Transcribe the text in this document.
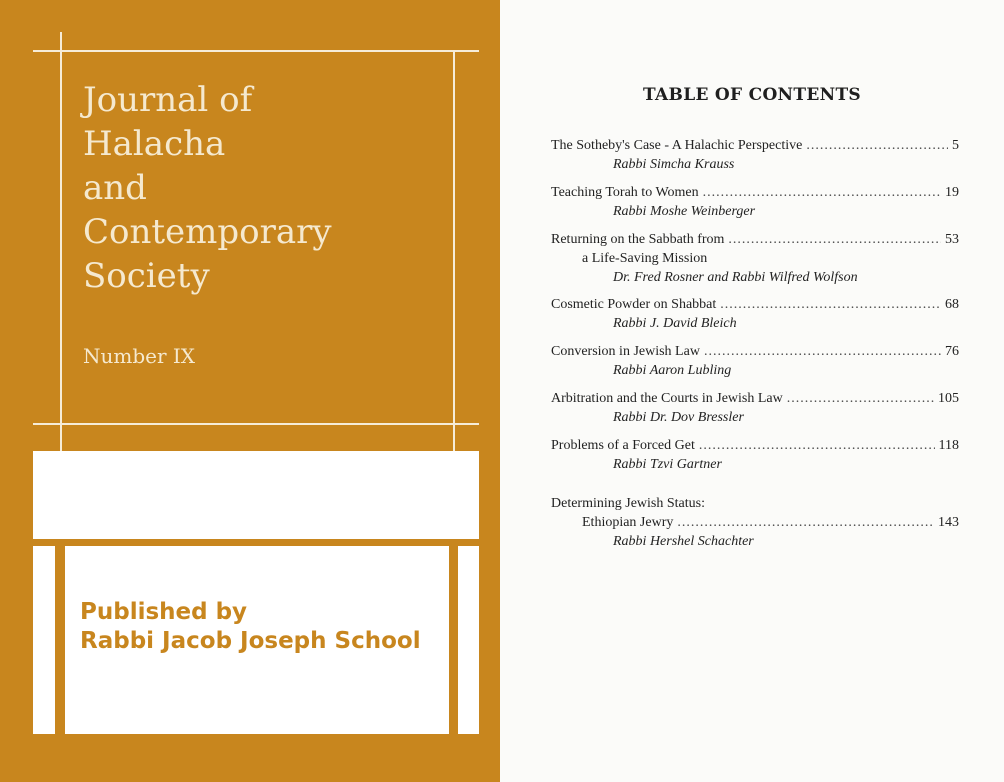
Journal of
Halacha
and
Contemporary
Society
Number IX
Published by
Rabbi Jacob Joseph School
TABLE OF CONTENTS
The Sotheby's Case - A Halachic Perspective .....	5
Rabbi Simcha Krauss
Teaching Torah to Women .....	19
Rabbi Moshe Weinberger
Returning on the Sabbath from .....	53
a Life-Saving Mission
Dr. Fred Rosner and Rabbi Wilfred Wolfson
Cosmetic Powder on Shabbat .....	68
Rabbi J. David Bleich
Conversion in Jewish Law .....	76
Rabbi Aaron Lubling
Arbitration and the Courts in Jewish Law .....	105
Rabbi Dr. Dov Bressler
Problems of a Forced Get .....	118
Rabbi Tzvi Gartner
Determining Jewish Status:
Ethiopian Jewry .....	143
Rabbi Hershel Schachter
